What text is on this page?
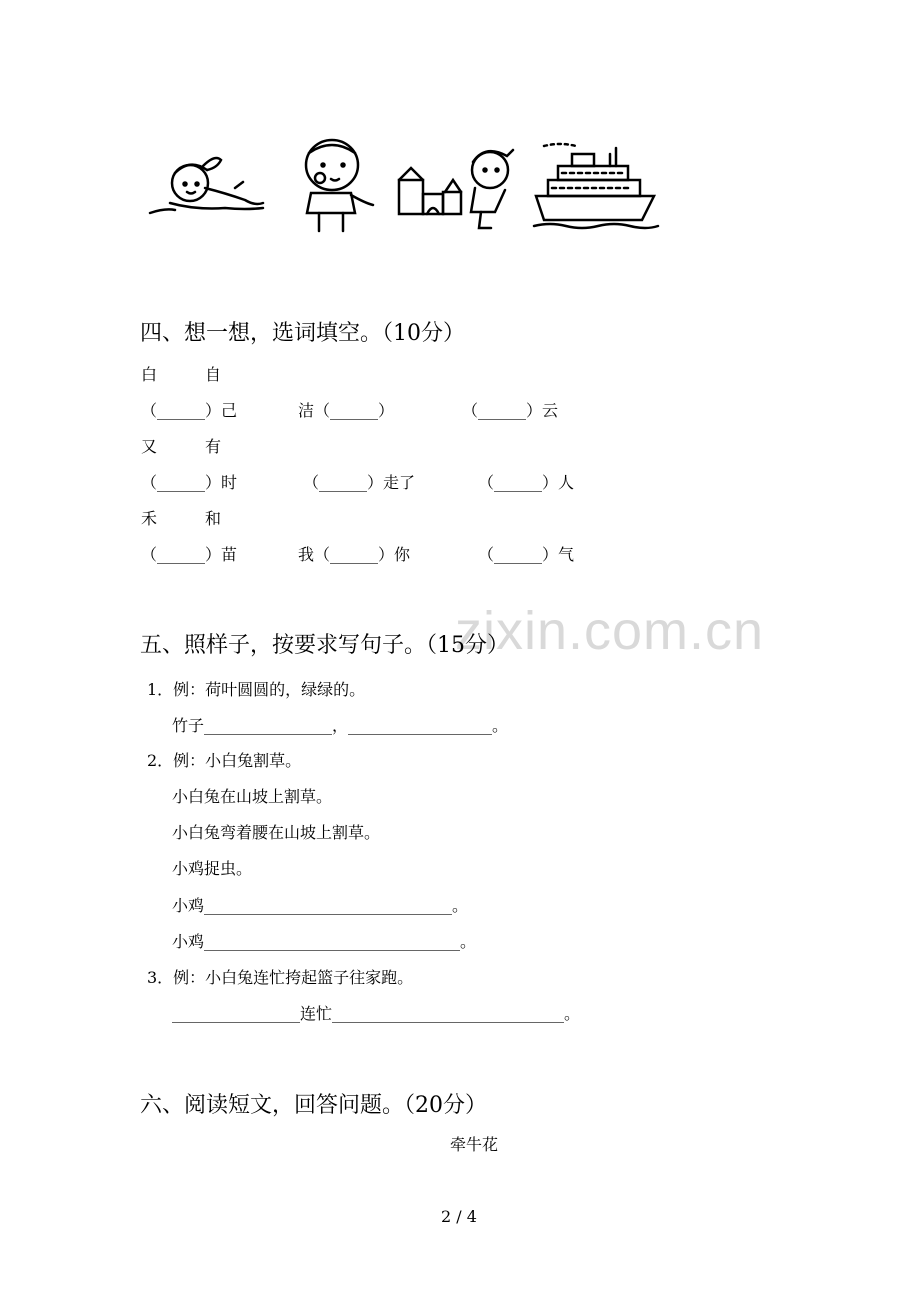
zixin.com.cn
四、想一想，选词填空。（10分）
白　　　自
（______）己	洁（______）	（______）云
又　　　有
（______）时	（______）走了	（______）人
禾　　　和
（______）苗	我（______）你	（______）气
五、照样子，按要求写句子。（15分）
1．例：荷叶圆圆的，绿绿的。
竹子________________，__________________。
2．例：小白兔割草。
小白兔在山坡上割草。
小白兔弯着腰在山坡上割草。
小鸡捉虫。
小鸡_______________________________。
小鸡________________________________。
3．例：小白兔连忙挎起篮子往家跑。
________________连忙_____________________________。
六、阅读短文，回答问题。（20分）
牵牛花
2 / 4
